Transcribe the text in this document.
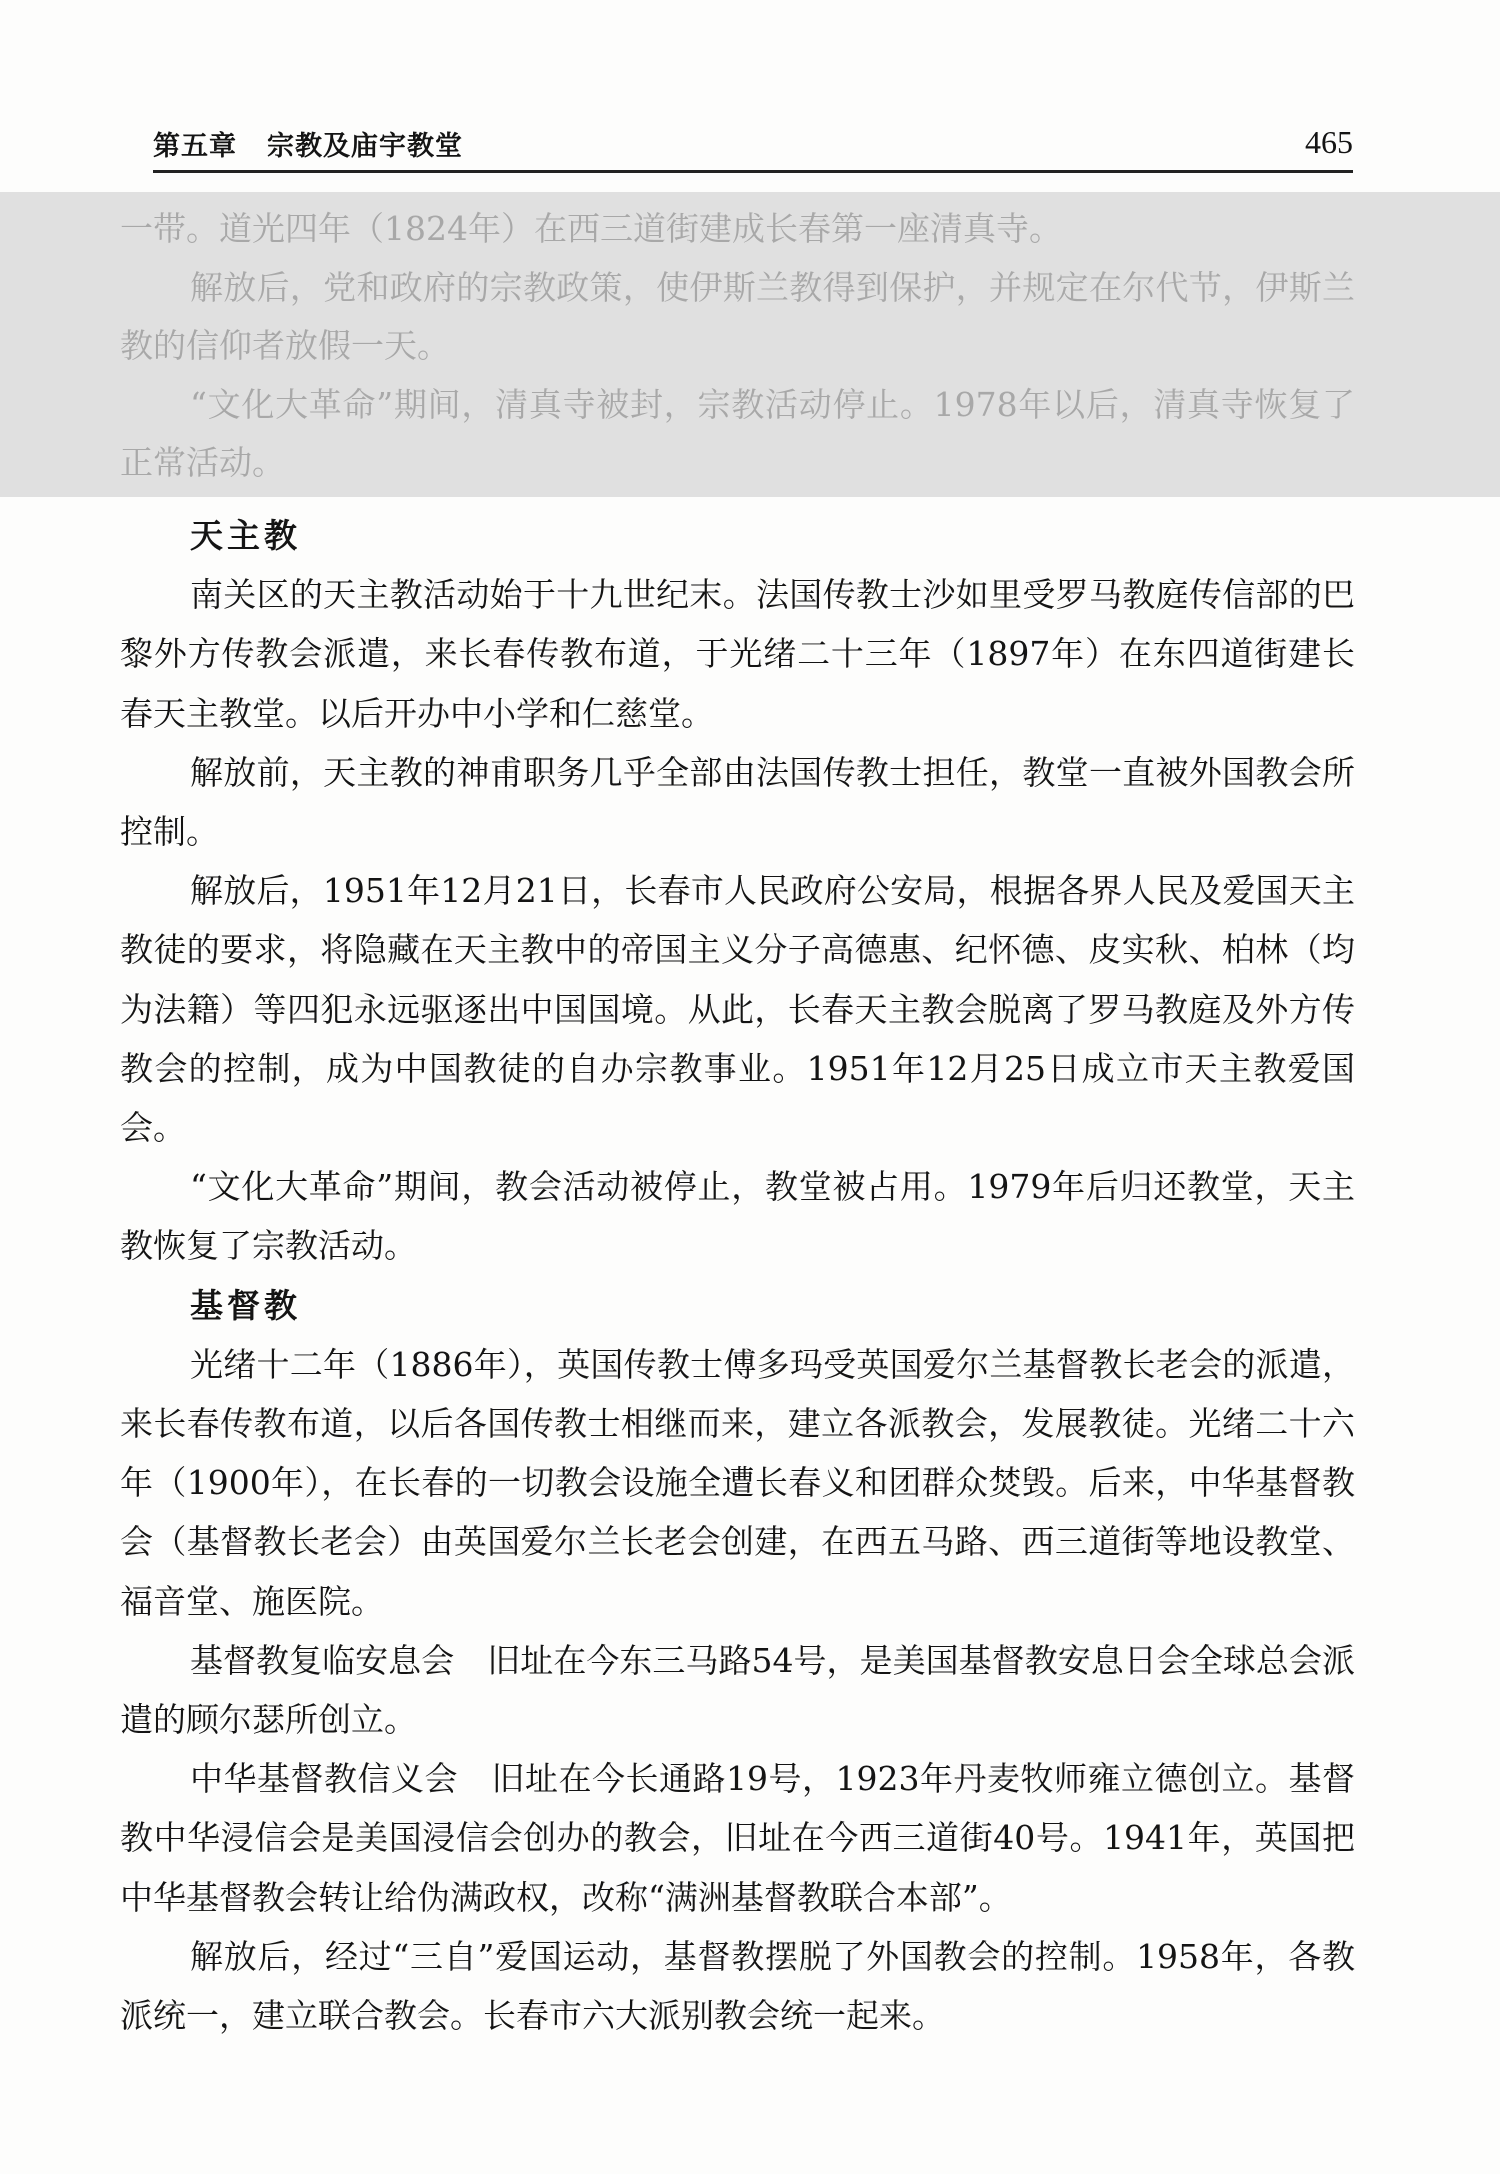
第五章 宗教及庙宇教堂	465

一带。道光四年（1824年）在西三道街建成长春第一座清真寺。

解放后，党和政府的宗教政策，使伊斯兰教得到保护，并规定在尔代节，伊斯兰教的信仰者放假一天。

“文化大革命”期间，清真寺被封，宗教活动停止。1978年以后，清真寺恢复了正常活动。

天主教

南关区的天主教活动始于十九世纪末。法国传教士沙如里受罗马教庭传信部的巴黎外方传教会派遣，来长春传教布道，于光绪二十三年（1897年）在东四道街建长春天主教堂。以后开办中小学和仁慈堂。

解放前，天主教的神甫职务几乎全部由法国传教士担任，教堂一直被外国教会所控制。

解放后，1951年12月21日，长春市人民政府公安局，根据各界人民及爱国天主教徒的要求，将隐藏在天主教中的帝国主义分子高德惠、纪怀德、皮实秋、柏林（均为法籍）等四犯永远驱逐出中国国境。从此，长春天主教会脱离了罗马教庭及外方传教会的控制，成为中国教徒的自办宗教事业。1951年12月25日成立市天主教爱国会。

“文化大革命”期间，教会活动被停止，教堂被占用。1979年后归还教堂，天主教恢复了宗教活动。

基督教

光绪十二年（1886年），英国传教士傅多玛受英国爱尔兰基督教长老会的派遣，来长春传教布道，以后各国传教士相继而来，建立各派教会，发展教徒。光绪二十六年（1900年），在长春的一切教会设施全遭长春义和团群众焚毁。后来，中华基督教会（基督教长老会）由英国爱尔兰长老会创建，在西五马路、西三道街等地设教堂、福音堂、施医院。

基督教复临安息会　旧址在今东三马路54号，是美国基督教安息日会全球总会派遣的顾尔瑟所创立。

中华基督教信义会　旧址在今长通路19号，1923年丹麦牧师雍立德创立。基督教中华浸信会是美国浸信会创办的教会，旧址在今西三道街40号。1941年，英国把中华基督教会转让给伪满政权，改称“满洲基督教联合本部”。

解放后，经过“三自”爱国运动，基督教摆脱了外国教会的控制。1958年，各教派统一，建立联合教会。长春市六大派别教会统一起来。
